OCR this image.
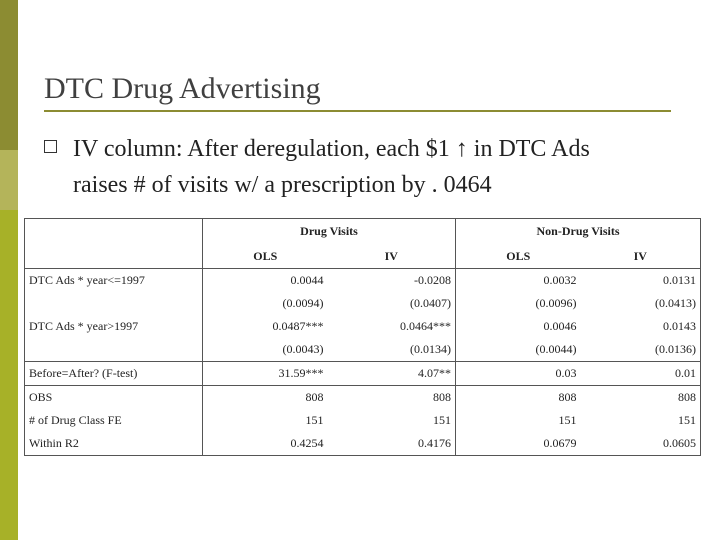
DTC Drug Advertising
IV column: After deregulation, each $1 ↑ in DTC Ads
raises # of visits w/ a prescription by . 0464
	Drug Visits		Non-Drug Visits	
	OLS	IV	OLS	IV
DTC Ads * year<=1997	0.0044	-0.0208	0.0032	0.0131
	(0.0094)	(0.0407)	(0.0096)	(0.0413)
DTC Ads * year>1997	0.0487***	0.0464***	0.0046	0.0143
	(0.0043)	(0.0134)	(0.0044)	(0.0136)
Before=After? (F-test)	31.59***	4.07**	0.03	0.01
OBS	808	808	808	808
# of Drug Class FE	151	151	151	151
Within R2	0.4254	0.4176	0.0679	0.0605
